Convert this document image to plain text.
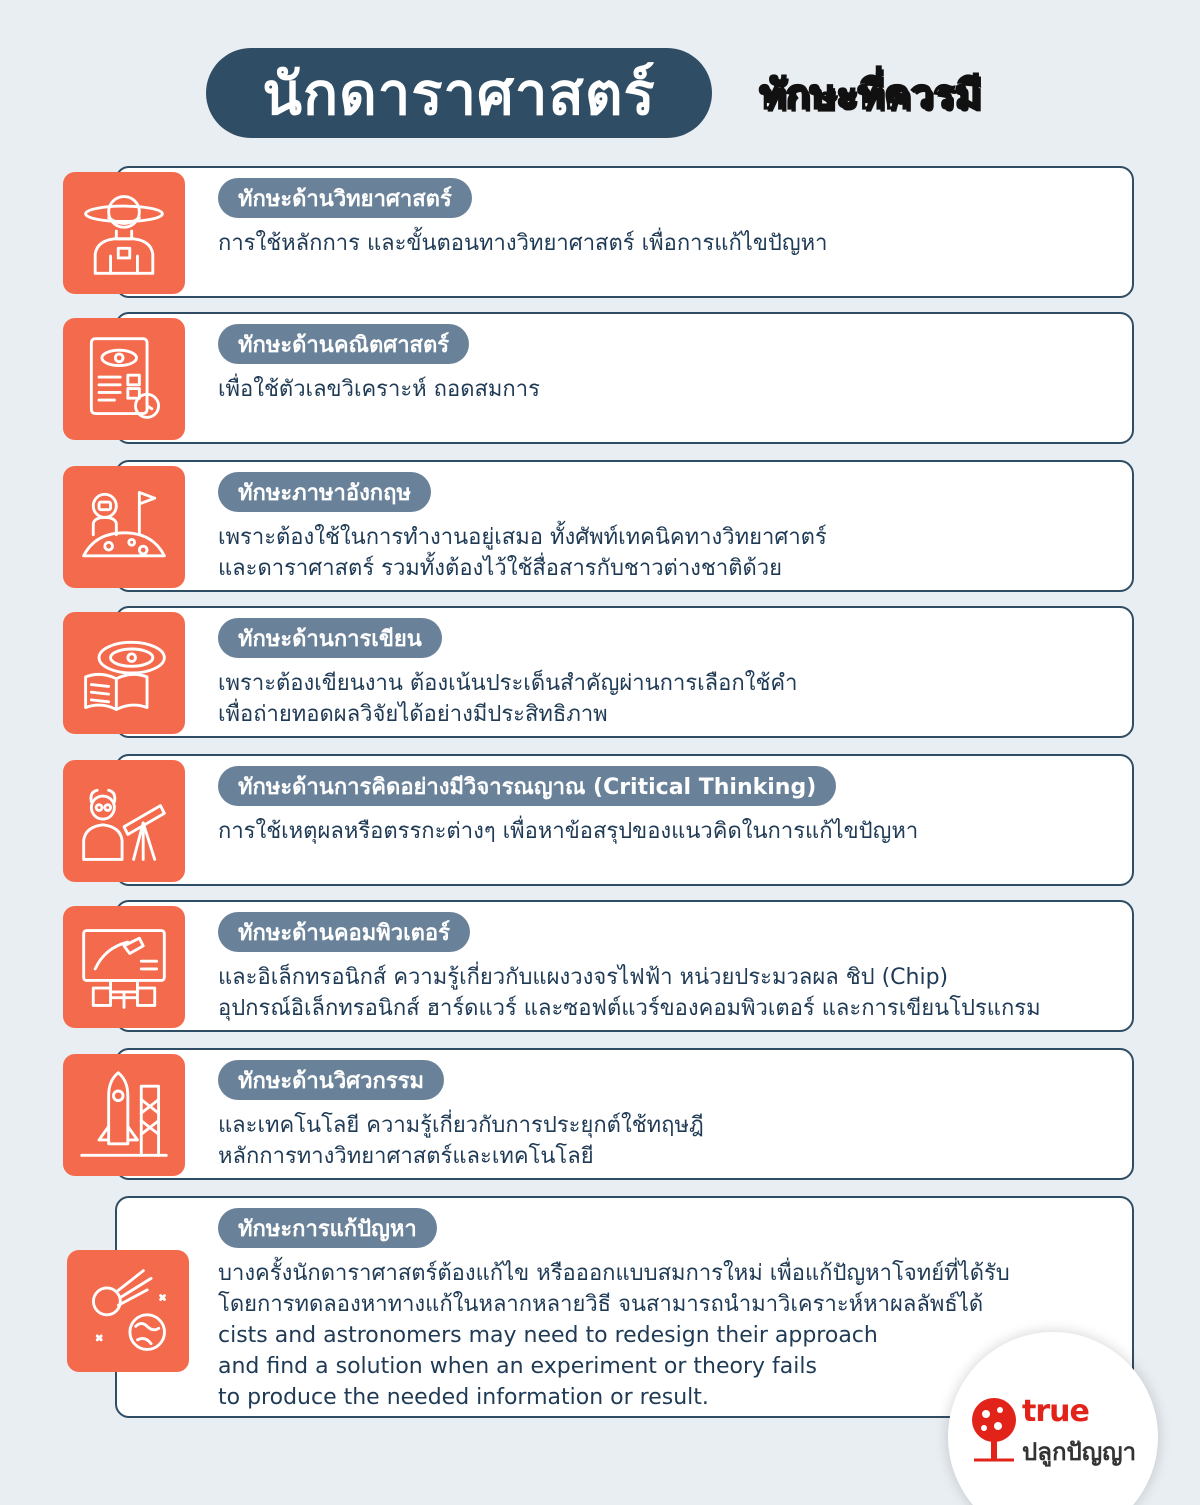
นักดาราศาสตร์	ทักษะที่ควรมี
ทักษะด้านวิทยาศาสตร์

การใช้หลักการ และขั้นตอนทางวิทยาศาสตร์ เพื่อการแก้ไขปัญหา

ทักษะด้านคณิตศาสตร์

เพื่อใช้ตัวเลขวิเคราะห์ ถอดสมการ

ทักษะภาษาอังกฤษ

เพราะต้องใช้ในการทำงานอยู่เสมอ ทั้งศัพท์เทคนิคทางวิทยาศาตร์

และดาราศาสตร์ รวมทั้งต้องไว้ใช้สื่อสารกับชาวต่างชาติด้วย

ทักษะด้านการเขียน

เพราะต้องเขียนงาน ต้องเน้นประเด็นสำคัญผ่านการเลือกใช้คำ

เพื่อถ่ายทอดผลวิจัยได้อย่างมีประสิทธิภาพ

ทักษะด้านการคิดอย่างมีวิจารณญาณ (Critical Thinking)

การใช้เหตุผลหรือตรรกะต่างๆ เพื่อหาข้อสรุปของแนวคิดในการแก้ไขปัญหา

ทักษะด้านคอมพิวเตอร์

และอิเล็กทรอนิกส์ ความรู้เกี่ยวกับแผงวงจรไฟฟ้า หน่วยประมวลผล ชิป (Chip)

อุปกรณ์อิเล็กทรอนิกส์ ฮาร์ดแวร์ และซอฟต์แวร์ของคอมพิวเตอร์ และการเขียนโปรแกรม

ทักษะด้านวิศวกรรม

และเทคโนโลยี ความรู้เกี่ยวกับการประยุกต์ใช้ทฤษฎี

หลักการทางวิทยาศาสตร์และเทคโนโลยี

ทักษะการแก้ปัญหา

บางครั้งนักดาราศาสตร์ต้องแก้ไข หรือออกแบบสมการใหม่ เพื่อแก้ปัญหาโจทย์ที่ได้รับ

โดยการทดลองหาทางแก้ในหลากหลายวิธี จนสามารถนำมาวิเคราะห์หาผลลัพธ์ได้

cists and astronomers may need to redesign their approach

and find a solution when an experiment or theory fails

to produce the needed information or result.	true
ปลูกปัญญา
